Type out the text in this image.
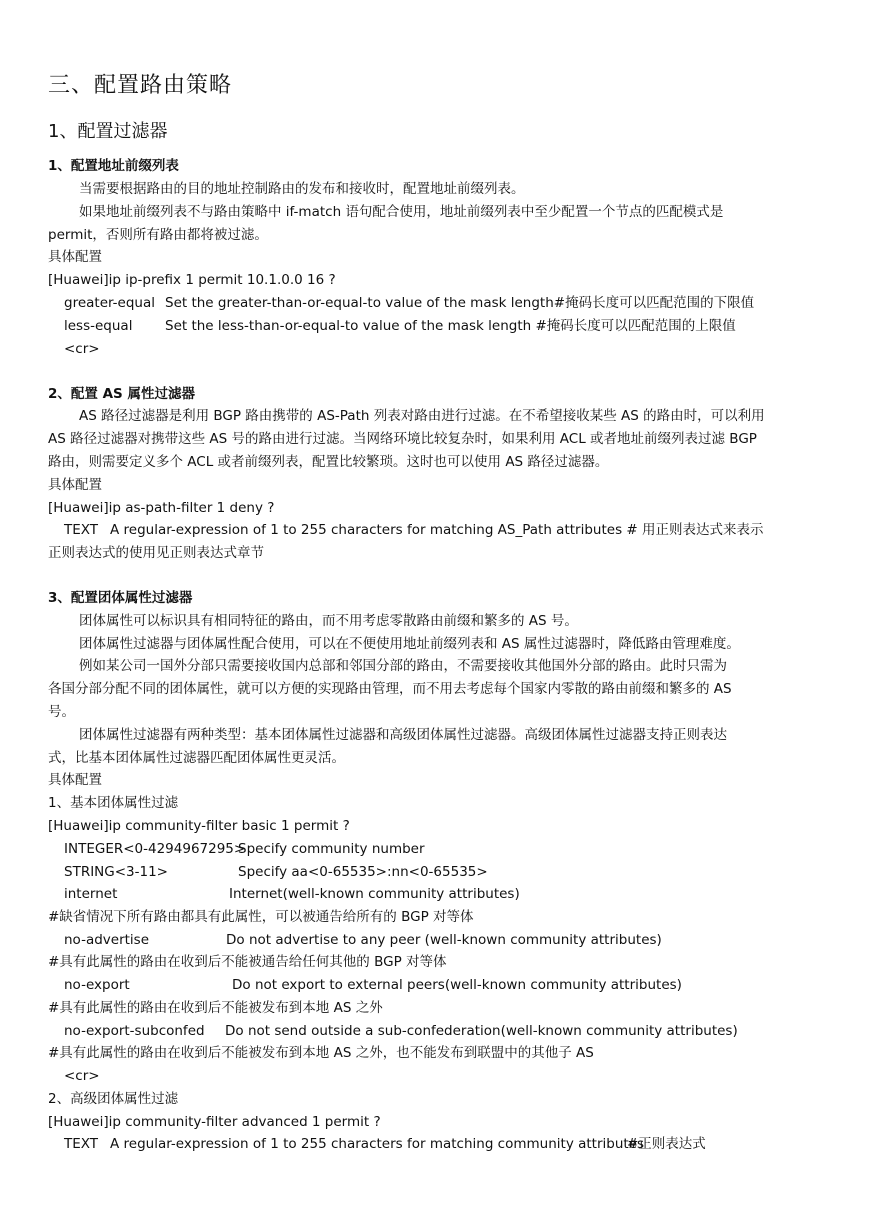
三、配置路由策略
1、配置过滤器
1、配置地址前缀列表
当需要根据路由的目的地址控制路由的发布和接收时，配置地址前缀列表。
如果地址前缀列表不与路由策略中 if-match 语句配合使用，地址前缀列表中至少配置一个节点的匹配模式是
permit，否则所有路由都将被过滤。
具体配置
[Huawei]ip ip-prefix 1 permit 10.1.0.0 16 ?
greater-equal Set the greater-than-or-equal-to value of the mask length#掩码长度可以匹配范围的下限值
less-equal Set the less-than-or-equal-to value of the mask length #掩码长度可以匹配范围的上限值
<cr>
2、配置 AS 属性过滤器
AS 路径过滤器是利用 BGP 路由携带的 AS-Path 列表对路由进行过滤。在不希望接收某些 AS 的路由时，可以利用
AS 路径过滤器对携带这些 AS 号的路由进行过滤。当网络环境比较复杂时，如果利用 ACL 或者地址前缀列表过滤 BGP
路由，则需要定义多个 ACL 或者前缀列表，配置比较繁琐。这时也可以使用 AS 路径过滤器。
具体配置
[Huawei]ip as-path-filter 1 deny ?
TEXT A regular-expression of 1 to 255 characters for matching AS_Path attributes # 用正则表达式来表示
正则表达式的使用见正则表达式章节
3、配置团体属性过滤器
团体属性可以标识具有相同特征的路由，而不用考虑零散路由前缀和繁多的 AS 号。
团体属性过滤器与团体属性配合使用，可以在不便使用地址前缀列表和 AS 属性过滤器时，降低路由管理难度。
例如某公司一国外分部只需要接收国内总部和邻国分部的路由，不需要接收其他国外分部的路由。此时只需为
各国分部分配不同的团体属性，就可以方便的实现路由管理，而不用去考虑每个国家内零散的路由前缀和繁多的 AS
号。
团体属性过滤器有两种类型：基本团体属性过滤器和高级团体属性过滤器。高级团体属性过滤器支持正则表达
式，比基本团体属性过滤器匹配团体属性更灵活。
具体配置
1、基本团体属性过滤
[Huawei]ip community-filter basic 1 permit ?
INTEGER<0-4294967295>Specify community number
STRING<3-11>	Specify aa<0-65535>:nn<0-65535>
internet	Internet(well-known community attributes)
#缺省情况下所有路由都具有此属性，可以被通告给所有的 BGP 对等体
no-advertise	Do not advertise to any peer (well-known community attributes)
#具有此属性的路由在收到后不能被通告给任何其他的 BGP 对等体
no-export	Do not export to external peers(well-known community attributes)
#具有此属性的路由在收到后不能被发布到本地 AS 之外
no-export-subconfed Do not send outside a sub-confederation(well-known community attributes)
#具有此属性的路由在收到后不能被发布到本地 AS 之外，也不能发布到联盟中的其他子 AS
<cr>
2、高级团体属性过滤
[Huawei]ip community-filter advanced 1 permit ?
TEXT A regular-expression of 1 to 255 characters for matching community attributes#正则表达式
